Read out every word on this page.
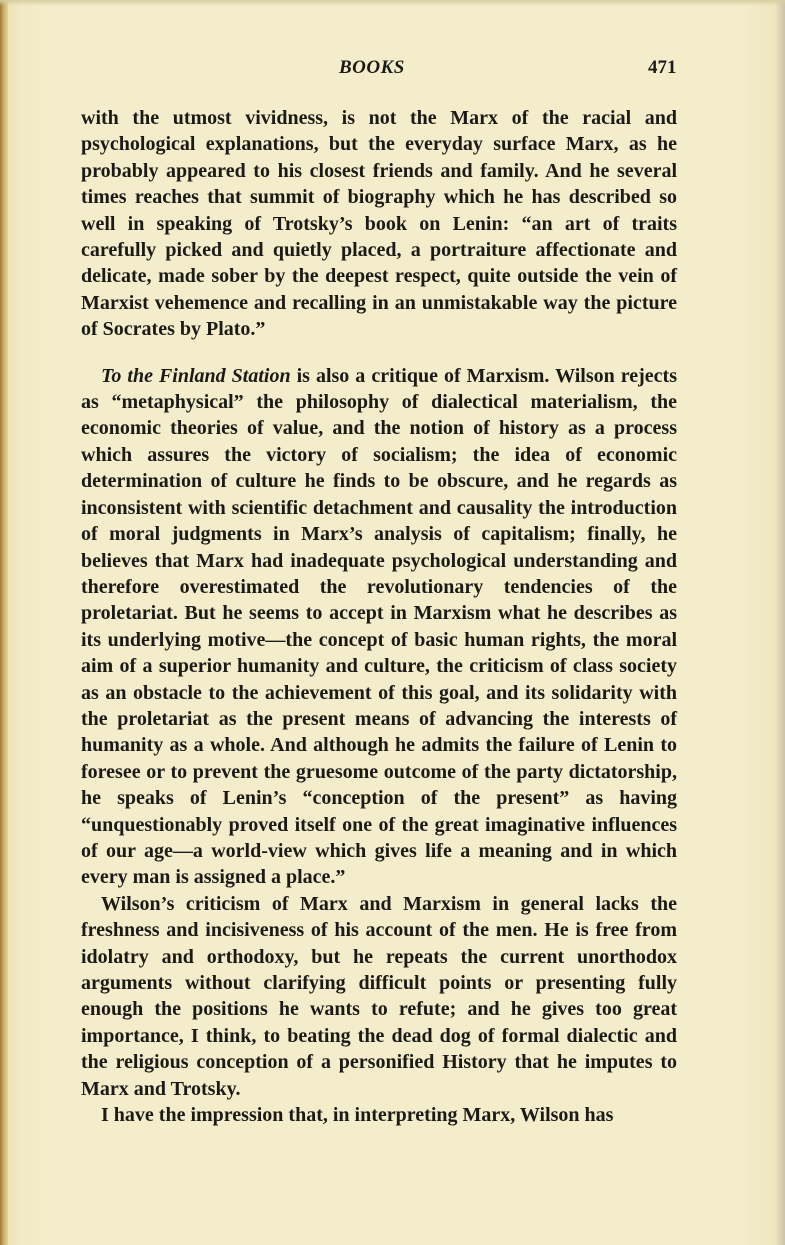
BOOKS	471

with the utmost vividness, is not the Marx of the racial and psychological explanations, but the everyday surface Marx, as he probably appeared to his closest friends and family. And he several times reaches that summit of biography which he has described so well in speaking of Trotsky’s book on Lenin: “an art of traits carefully picked and quietly placed, a portraiture affectionate and delicate, made sober by the deepest respect, quite outside the vein of Marxist vehemence and recalling in an unmistakable way the picture of Socrates by Plato.”

To the Finland Station is also a critique of Marxism. Wilson rejects as “metaphysical” the philosophy of dialectical materialism, the economic theories of value, and the notion of history as a process which assures the victory of socialism; the idea of economic determination of culture he finds to be obscure, and he regards as inconsistent with scientific detachment and causality the introduction of moral judgments in Marx’s analysis of capitalism; finally, he believes that Marx had inadequate psychological understanding and therefore overestimated the revolutionary tendencies of the proletariat. But he seems to accept in Marxism what he describes as its underlying motive—the concept of basic human rights, the moral aim of a superior humanity and culture, the criticism of class society as an obstacle to the achievement of this goal, and its solidarity with the proletariat as the present means of advancing the interests of humanity as a whole. And although he admits the failure of Lenin to foresee or to prevent the gruesome outcome of the party dictatorship, he speaks of Lenin’s “conception of the present” as having “unquestionably proved itself one of the great imaginative influences of our age—a world-view which gives life a meaning and in which every man is assigned a place.”

Wilson’s criticism of Marx and Marxism in general lacks the freshness and incisiveness of his account of the men. He is free from idolatry and orthodoxy, but he repeats the current unorthodox arguments without clarifying difficult points or presenting fully enough the positions he wants to refute; and he gives too great importance, I think, to beating the dead dog of formal dialectic and the religious conception of a personified History that he imputes to Marx and Trotsky.

I have the impression that, in interpreting Marx, Wilson has
